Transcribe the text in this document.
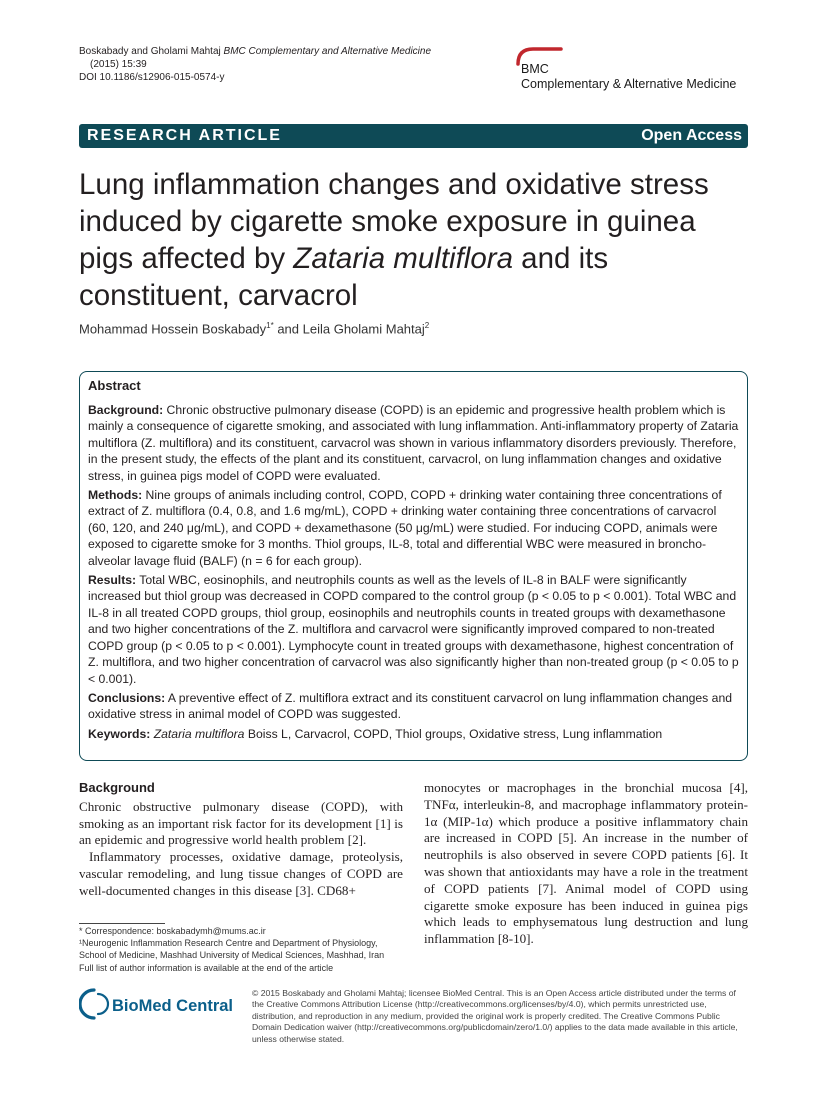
Boskabady and Gholami Mahtaj BMC Complementary and Alternative Medicine
(2015) 15:39
DOI 10.1186/s12906-015-0574-y
BMC
Complementary & Alternative Medicine
RESEARCH ARTICLE	Open Access
Lung inflammation changes and oxidative stress
induced by cigarette smoke exposure in guinea
pigs affected by Zataria multiflora and its
constituent, carvacrol
Mohammad Hossein Boskabady$^{1*}$ and Leila Gholami Mahtaj$^2$
Abstract

Background: Chronic obstructive pulmonary disease (COPD) is an epidemic and progressive health problem which is mainly a consequence of cigarette smoking, and associated with lung inflammation. Anti-inflammatory property of Zataria multiflora (Z. multiflora) and its constituent, carvacrol was shown in various inflammatory disorders previously. Therefore, in the present study, the effects of the plant and its constituent, carvacrol, on lung inflammation changes and oxidative stress, in guinea pigs model of COPD were evaluated.

Methods: Nine groups of animals including control, COPD, COPD + drinking water containing three concentrations of extract of Z. multiflora (0.4, 0.8, and 1.6 mg/mL), COPD + drinking water containing three concentrations of carvacrol (60, 120, and 240 μg/mL), and COPD + dexamethasone (50 μg/mL) were studied. For inducing COPD, animals were exposed to cigarette smoke for 3 months. Thiol groups, IL-8, total and differential WBC were measured in broncho-alveolar lavage fluid (BALF) (n = 6 for each group).

Results: Total WBC, eosinophils, and neutrophils counts as well as the levels of IL-8 in BALF were significantly increased but thiol group was decreased in COPD compared to the control group (p < 0.05 to p < 0.001). Total WBC and IL-8 in all treated COPD groups, thiol group, eosinophils and neutrophils counts in treated groups with dexamethasone and two higher concentrations of the Z. multiflora and carvacrol were significantly improved compared to non-treated COPD group (p < 0.05 to p < 0.001). Lymphocyte count in treated groups with dexamethasone, highest concentration of Z. multiflora, and two higher concentration of carvacrol was also significantly higher than non-treated group (p < 0.05 to p < 0.001).

Conclusions: A preventive effect of Z. multiflora extract and its constituent carvacrol on lung inflammation changes and oxidative stress in animal model of COPD was suggested.

Keywords: Zataria multiflora Boiss L, Carvacrol, COPD, Thiol groups, Oxidative stress, Lung inflammation

Background

Chronic obstructive pulmonary disease (COPD), with smoking as an important risk factor for its development [1] is an epidemic and progressive world health problem [2].

Inflammatory processes, oxidative damage, proteolysis, vascular remodeling, and lung tissue changes of COPD are well-documented changes in this disease [3]. CD68+

monocytes or macrophages in the bronchial mucosa [4], TNFα, interleukin-8, and macrophage inflammatory protein-1α (MIP-1α) which produce a positive inflammatory chain are increased in COPD [5]. An increase in the number of neutrophils is also observed in severe COPD patients [6]. It was shown that antioxidants may have a role in the treatment of COPD patients [7]. Animal model of COPD using cigarette smoke exposure has been induced in guinea pigs which leads to emphysematous lung destruction and lung inflammation [8-10].

* Correspondence: boskabadymh@mums.ac.ir

¹Neurogenic Inflammation Research Centre and Department of Physiology, School of Medicine, Mashhad University of Medical Sciences, Mashhad, Iran

Full list of author information is available at the end of the article

BioMed Central
© 2015 Boskabady and Gholami Mahtaj; licensee BioMed Central. This is an Open Access article distributed under the terms of the Creative Commons Attribution License (http://creativecommons.org/licenses/by/4.0), which permits unrestricted use, distribution, and reproduction in any medium, provided the original work is properly credited. The Creative Commons Public Domain Dedication waiver (http://creativecommons.org/publicdomain/zero/1.0/) applies to the data made available in this article, unless otherwise stated.
